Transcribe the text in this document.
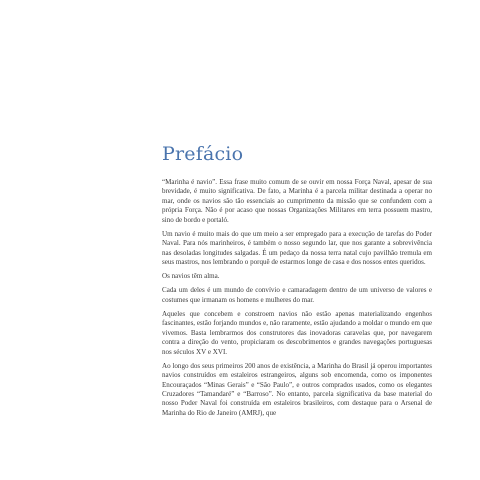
Prefácio

“Marinha é navio”. Essa frase muito comum de se ouvir em nossa Força Naval, apesar de sua brevidade, é muito significativa. De fato, a Marinha é a parcela militar destinada a operar no mar, onde os navios são tão essenciais ao cumprimento da missão que se confundem com a própria Força. Não é por acaso que nossas Organizações Militares em terra possuem mastro, sino de bordo e portaló.

Um navio é muito mais do que um meio a ser empregado para a execução de tarefas do Poder Naval. Para nós marinheiros, é também o nosso segundo lar, que nos garante a sobrevivência nas desoladas longitudes salgadas. É um pedaço da nossa terra natal cujo pavilhão tremula em seus mastros, nos lembrando o porquê de estarmos longe de casa e dos nossos entes queridos.

Os navios têm alma.

Cada um deles é um mundo de convívio e camaradagem dentro de um universo de valores e costumes que irmanam os homens e mulheres do mar.

Aqueles que concebem e constroem navios não estão apenas materializando engenhos fascinantes, estão forjando mundos e, não raramente, estão ajudando a moldar o mundo em que vivemos. Basta lembrarmos dos construtores das inovadoras caravelas que, por navegarem contra a direção do vento, propiciaram os descobrimentos e grandes navegações portuguesas nos séculos XV e XVI.

Ao longo dos seus primeiros 200 anos de existência, a Marinha do Brasil já operou importantes navios construídos em estaleiros estrangeiros, alguns sob encomenda, como os imponentes Encouraçados “Minas Gerais” e “São Paulo”, e outros comprados usados, como os elegantes Cruzadores “Tamandaré” e “Barroso”. No entanto, parcela significativa da base material do nosso Poder Naval foi construída em estaleiros brasileiros, com destaque para o Arsenal de Marinha do Rio de Janeiro (AMRJ), que
